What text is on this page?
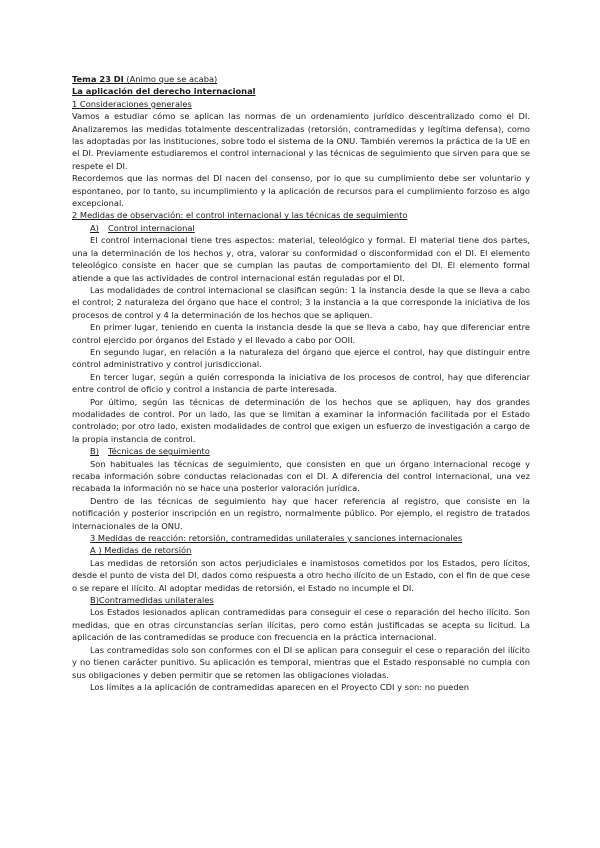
Tema 23 DI (Animo que se acaba)

La aplicación del derecho internacional

1 Consideraciones generales

Vamos a estudiar cómo se aplican las normas de un ordenamiento jurídico descentralizado como el DI. Analizaremos las medidas totalmente descentralizadas (retorsión, contramedidas y legítima defensa), como las adoptadas por las instituciones, sobre todo el sistema de la ONU. También veremos la práctica de la UE en el DI. Previamente estudiaremos el control internacional y las técnicas de seguimiento que sirven para que se respete el DI.

Recordemos que las normas del DI nacen del consenso, por lo que su cumplimiento debe ser voluntario y espontaneo, por lo tanto, su incumplimiento y la aplicación de recursos para el cumplimiento forzoso es algo excepcional.

2 Medidas de observación: el control internacional y las técnicas de seguimiento

A) Control internacional

El control internacional tiene tres aspectos: material, teleológico y formal. El material tiene dos partes, una la determinación de los hechos y, otra, valorar su conformidad o disconformidad con el DI. El elemento teleológico consiste en hacer que se cumplan las pautas de comportamiento del DI. El elemento formal atiende a que las actividades de control internacional están reguladas por el DI.

Las modalidades de control internacional se clasifican según: 1 la instancia desde la que se lleva a cabo el control; 2 naturaleza del órgano que hace el control; 3 la instancia a la que corresponde la iniciativa de los procesos de control y 4 la determinación de los hechos que se apliquen.

En primer lugar, teniendo en cuenta la instancia desde la que se lleva a cabo, hay que diferenciar entre control ejercido por órganos del Estado y el llevado a cabo por OOII.

En segundo lugar, en relación a la naturaleza del órgano que ejerce el control, hay que distinguir entre control administrativo y control jurisdiccional.

En tercer lugar, según a quién corresponda la iniciativa de los procesos de control, hay que diferenciar entre control de oficio y control a instancia de parte interesada.

Por último, según las técnicas de determinación de los hechos que se apliquen, hay dos grandes modalidades de control. Por un lado, las que se limitan a examinar la información facilitada por el Estado controlado; por otro lado, existen modalidades de control que exigen un esfuerzo de investigación a cargo de la propia instancia de control.

B) Técnicas de seguimiento

Son habituales las técnicas de seguimiento, que consisten en que un órgano internacional recoge y recaba información sobre conductas relacionadas con el DI. A diferencia del control internacional, una vez recabada la información no se hace una posterior valoración jurídica.

Dentro de las técnicas de seguimiento hay que hacer referencia al registro, que consiste en la notificación y posterior inscripción en un registro, normalmente público. Por ejemplo, el registro de tratados internacionales de la ONU.

3 Medidas de reacción: retorsión, contramedidas unilaterales y sanciones internacionales

A ) Medidas de retorsión

Las medidas de retorsión son actos perjudiciales e inamistosos cometidos por los Estados, pero lícitos, desde el punto de vista del DI, dados como respuesta a otro hecho ilícito de un Estado, con el fin de que cese o se repare el ilícito. Al adoptar medidas de retorsión, el Estado no incumple el DI.

B)Contramedidas unilaterales

Los Estados lesionados aplican contramedidas para conseguir el cese o reparación del hecho ilícito. Son medidas, que en otras circunstancias serían ilícitas, pero como están justificadas se acepta su licitud. La aplicación de las contramedidas se produce con frecuencia en la práctica internacional.

Las contramedidas solo son conformes con el DI se aplican para conseguir el cese o reparación del ilícito y no tienen carácter punitivo. Su aplicación es temporal, mientras que el Estado responsable no cumpla con sus obligaciones y deben permitir que se retomen las obligaciones violadas.

Los límites a la aplicación de contramedidas aparecen en el Proyecto CDI y son: no pueden
